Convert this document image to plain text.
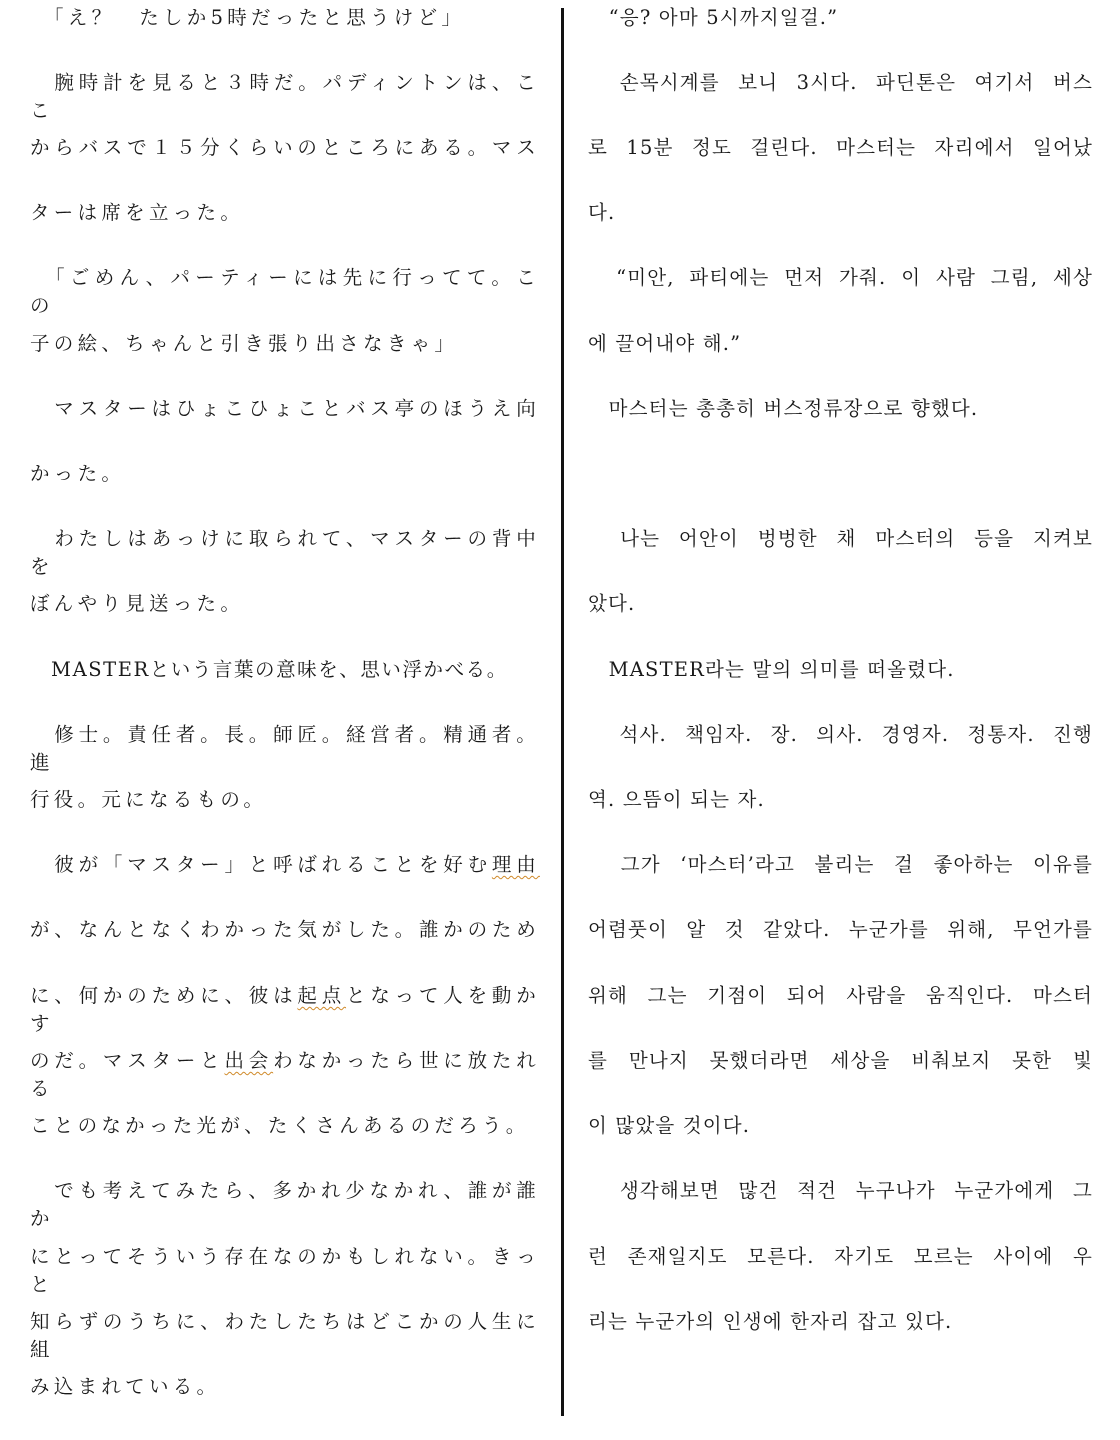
　「え？　たしか5時だったと思うけど」
　腕時計を見ると３時だ。パディントンは、ここ
からバスで１５分くらいのところにある。マス
ターは席を立った。
　「ごめん、パーティーには先に行ってて。この
子の絵、ちゃんと引き張り出さなきゃ」
　マスターはひょこひょことバス亭のほうえ向
かった。
　わたしはあっけに取られて、マスターの背中を
ぼんやり見送った。
　MASTERという言葉の意味を、思い浮かべる。
　修士。責任者。長。師匠。経営者。精通者。進
行役。元になるもの。
　彼が「マスター」と呼ばれることを好む理由
が、なんとなくわかった気がした。誰かのため
に、何かのために、彼は起点となって人を動かす
のだ。マスターと出会わなかったら世に放たれる
ことのなかった光が、たくさんあるのだろう。
　でも考えてみたら、多かれ少なかれ、誰が誰か
にとってそういう存在なのかもしれない。きっと
知らずのうちに、わたしたちはどこかの人生に組
み込まれている。
　“응? 아마 5시까지일걸.”
　손목시계를 보니 3시다. 파딘톤은 여기서 버스
로 15분 정도 걸린다. 마스터는 자리에서 일어났
다.
　“미안, 파티에는 먼저 가줘. 이 사람 그림, 세상
에 끌어내야 해.”
　마스터는 총총히 버스정류장으로 향했다.
　나는 어안이 벙벙한 채 마스터의 등을 지켜보
았다.
　MASTER라는 말의 의미를 떠올렸다.
　석사. 책임자. 장. 의사. 경영자. 정통자. 진행
역. 으뜸이 되는 자.
　그가 ‘마스터’라고 불리는 걸 좋아하는 이유를
어렴풋이 알 것 같았다. 누군가를 위해, 무언가를
위해 그는 기점이 되어 사람을 움직인다. 마스터
를 만나지 못했더라면 세상을 비춰보지 못한 빛
이 많았을 것이다.
　생각해보면 많건 적건 누구나가 누군가에게 그
런 존재일지도 모른다. 자기도 모르는 사이에 우
리는 누군가의 인생에 한자리 잡고 있다.
